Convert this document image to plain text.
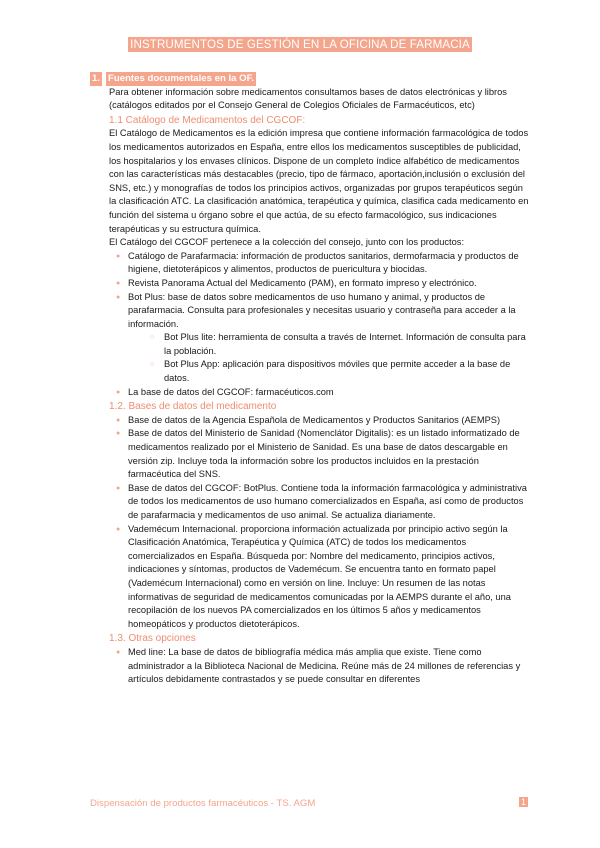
INSTRUMENTOS DE GESTIÓN EN LA OFICINA DE FARMACIA
1. Fuentes documentales en la OF.
Para obtener información sobre medicamentos consultamos bases de datos electrónicas y libros (catálogos editados por el Consejo General de Colegios Oficiales de Farmacéuticos, etc)
1.1 Catálogo de Medicamentos del CGCOF:
El Catálogo de Medicamentos es la edición impresa que contiene información farmacológica de todos los medicamentos autorizados en España, entre ellos los medicamentos susceptibles de publicidad, los hospitalarios y los envases clínicos. Dispone de un completo índice alfabético de medicamentos con las características más destacables (precio, tipo de fármaco, aportación,inclusión o exclusión del SNS, etc.) y monografías de todos los principios activos, organizadas por grupos terapéuticos según la clasificación ATC. La clasificación anatómica, terapéutica y química, clasifica cada medicamento en función del sistema u órgano sobre el que actúa, de su efecto farmacológico, sus indicaciones terapéuticas y su estructura química.
El Catálogo del CGCOF pertenece a la colección del consejo, junto con los productos:
● Catálogo de Parafarmacia: información de productos sanitarios, dermofarmacia y productos de higiene, dietoterápicos y alimentos, productos de puericultura y biocidas.
● Revista Panorama Actual del Medicamento (PAM), en formato impreso y electrónico.
● Bot Plus: base de datos sobre medicamentos de uso humano y animal, y productos de parafarmacia. Consulta para profesionales y necesitas usuario y contraseña para acceder a la información.
○ Bot Plus lite: herramienta de consulta a través de Internet. Información de consulta para la población.
○ Bot Plus App: aplicación para dispositivos móviles que permite acceder a la base de datos.
● La base de datos del CGCOF: farmacéuticos.com
1.2. Bases de datos del medicamento
● Base de datos de la Agencia Española de Medicamentos y Productos Sanitarios (AEMPS)
● Base de datos del Ministerio de Sanidad (Nomenclátor Digitalis): es un listado informatizado de medicamentos realizado por el Ministerio de Sanidad. Es una base de datos descargable en versión zip. Incluye toda la información sobre los productos incluidos en la prestación farmacéutica del SNS.
● Base de datos del CGCOF: BotPlus. Contiene toda la información farmacológica y administrativa de todos los medicamentos de uso humano comercializados en España, así como de productos de parafarmacia y medicamentos de uso animal. Se actualiza diariamente.
● Vademécum Internacional. proporciona información actualizada por principio activo según la Clasificación Anatómica, Terapéutica y Química (ATC) de todos los medicamentos comercializados en España. Búsqueda por: Nombre del medicamento, principios activos, indicaciones y síntomas, productos de Vademécum. Se encuentra tanto en formato papel (Vademécum Internacional) como en versión on line. Incluye: Un resumen de las notas informativas de seguridad de medicamentos comunicadas por la AEMPS durante el año, una recopilación de los nuevos PA comercializados en los últimos 5 años y medicamentos homeopáticos y productos dietoterápicos.
1.3. Otras opciones
● Med line: La base de datos de bibliografía médica más amplia que existe. Tiene como administrador a la Biblioteca Nacional de Medicina. Reúne más de 24 millones de referencias y artículos debidamente contrastados y se puede consultar en diferentes
Dispensación de productos farmacéuticos - TS. AGM	1
